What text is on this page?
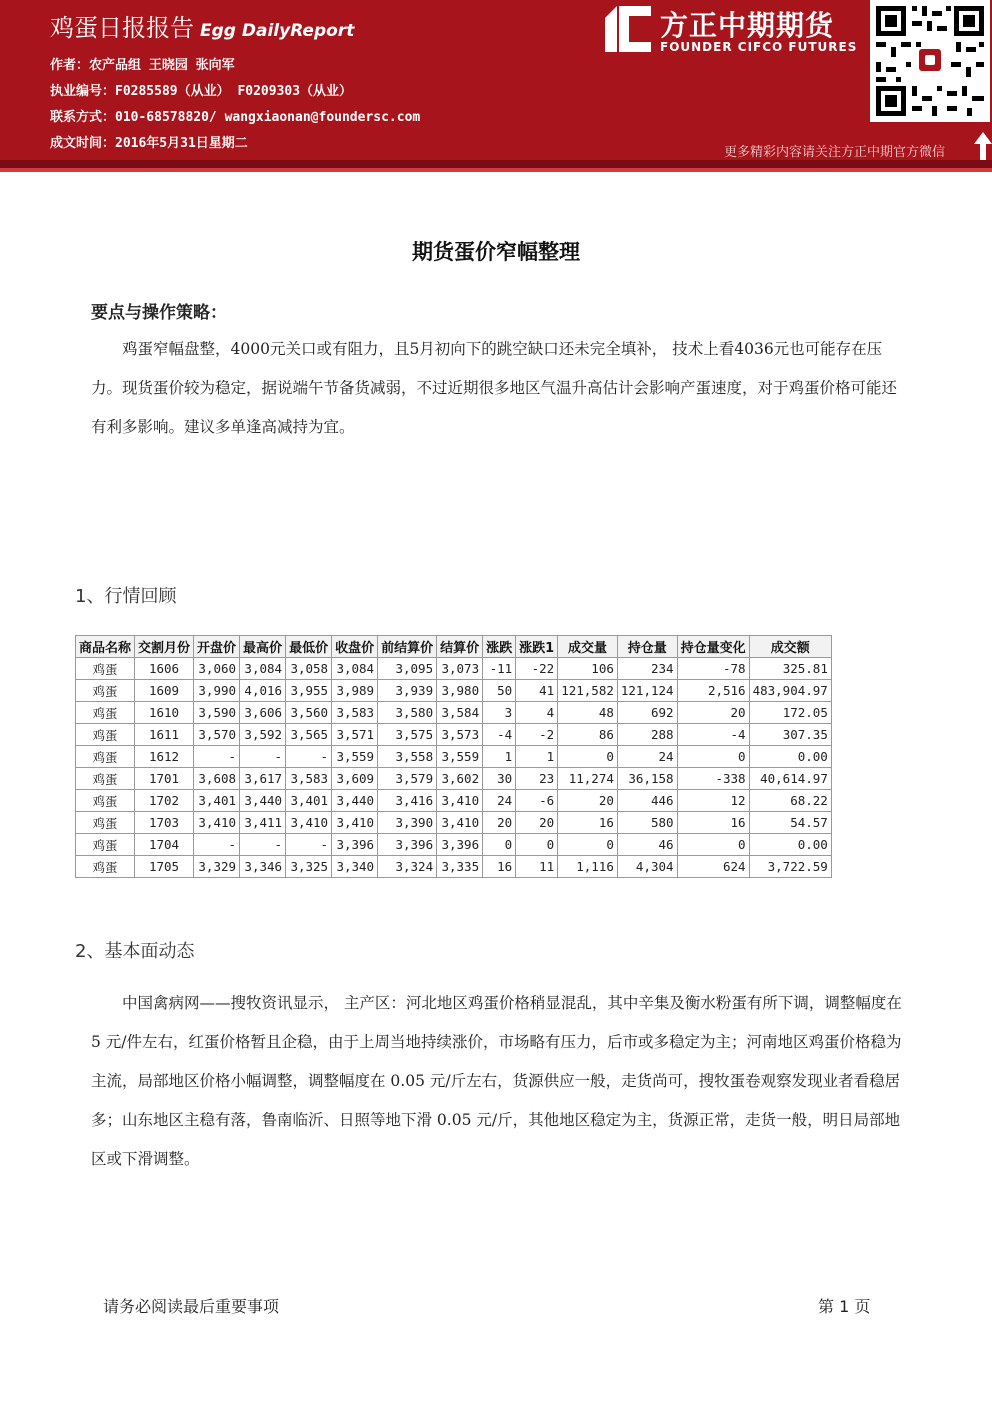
鸡蛋日报报告 Egg DailyReport
作者：农产品组 王晓园 张向军
执业编号：F0285589（从业） F0209303（从业）
联系方式：010-68578820/ wangxiaonan@foundersc.com
成文时间：2016年5月31日星期二
方正中期期货
FOUNDER CIFCO FUTURES
更多精彩内容请关注方正中期官方微信
期货蛋价窄幅整理
要点与操作策略：

鸡蛋窄幅盘整，4000元关口或有阻力，且5月初向下的跳空缺口还未完全填补， 技术上看4036元也可能存在压力。现货蛋价较为稳定，据说端午节备货减弱，不过近期很多地区气温升高估计会影响产蛋速度，对于鸡蛋价格可能还有利多影响。建议多单逢高减持为宜。

1、行情回顾
商品名称	交割月份	开盘价	最高价	最低价	收盘价	前结算价	结算价	涨跌	涨跌1	成交量	持仓量	持仓量变化	成交额
鸡蛋	1606	3,060	3,084	3,058	3,084	3,095	3,073	-11	-22	106	234	-78	325.81
鸡蛋	1609	3,990	4,016	3,955	3,989	3,939	3,980	50	41	121,582	121,124	2,516	483,904.97
鸡蛋	1610	3,590	3,606	3,560	3,583	3,580	3,584	3	4	48	692	20	172.05
鸡蛋	1611	3,570	3,592	3,565	3,571	3,575	3,573	-4	-2	86	288	-4	307.35
鸡蛋	1612	-	-	-	3,559	3,558	3,559	1	1	0	24	0	0.00
鸡蛋	1701	3,608	3,617	3,583	3,609	3,579	3,602	30	23	11,274	36,158	-338	40,614.97
鸡蛋	1702	3,401	3,440	3,401	3,440	3,416	3,410	24	-6	20	446	12	68.22
鸡蛋	1703	3,410	3,411	3,410	3,410	3,390	3,410	20	20	16	580	16	54.57
鸡蛋	1704	-	-	-	3,396	3,396	3,396	0	0	0	46	0	0.00
鸡蛋	1705	3,329	3,346	3,325	3,340	3,324	3,335	16	11	1,116	4,304	624	3,722.59
2、基本面动态

中国禽病网——搜牧资讯显示， 主产区：河北地区鸡蛋价格稍显混乱，其中辛集及衡水粉蛋有所下调，调整幅度在 5 元/件左右，红蛋价格暂且企稳，由于上周当地持续涨价，市场略有压力，后市或多稳定为主；河南地区鸡蛋价格稳为主流，局部地区价格小幅调整，调整幅度在 0.05 元/斤左右，货源供应一般，走货尚可，搜牧蛋卷观察发现业者看稳居多；山东地区主稳有落，鲁南临沂、日照等地下滑 0.05 元/斤，其他地区稳定为主，货源正常，走货一般，明日局部地区或下滑调整。

请务必阅读最后重要事项	第 1 页
